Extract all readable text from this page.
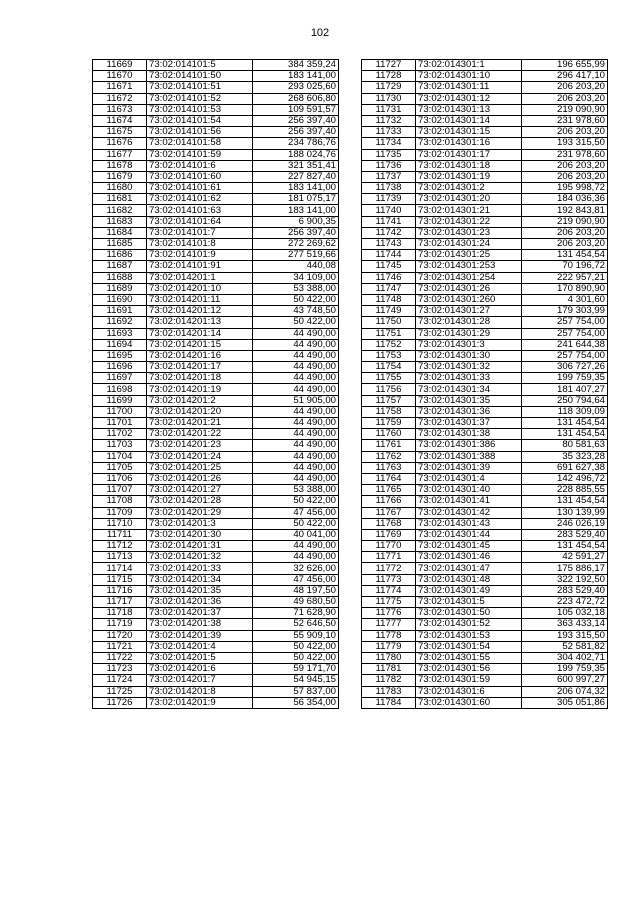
102
11669	73:02:014101:5	384 359,24
11670	73:02:014101:50	183 141,00
11671	73:02:014101:51	293 025,60
11672	73:02:014101:52	268 606,80
11673	73:02:014101:53	109 591,57
11674	73:02:014101:54	256 397,40
11675	73:02:014101:56	256 397,40
11676	73:02:014101:58	234 786,76
11677	73:02:014101:59	188 024,76
11678	73:02:014101:6	321 351,41
11679	73:02:014101:60	227 827,40
11680	73:02:014101:61	183 141,00
11681	73:02:014101:62	181 075,17
11682	73:02:014101:63	183 141,00
11683	73:02:014101:64	6 900,35
11684	73:02:014101:7	256 397,40
11685	73:02:014101:8	272 269,62
11686	73:02:014101:9	277 519,66
11687	73:02:014101:91	440,08
11688	73:02:014201:1	34 109,00
11689	73:02:014201:10	53 388,00
11690	73:02:014201:11	50 422,00
11691	73:02:014201:12	43 748,50
11692	73:02:014201:13	50 422,00
11693	73:02:014201:14	44 490,00
11694	73:02:014201:15	44 490,00
11695	73:02:014201:16	44 490,00
11696	73:02:014201:17	44 490,00
11697	73:02:014201:18	44 490,00
11698	73:02:014201:19	44 490,00
11699	73:02:014201:2	51 905,00
11700	73:02:014201:20	44 490,00
11701	73:02:014201:21	44 490,00
11702	73:02:014201:22	44 490,00
11703	73:02:014201:23	44 490,00
11704	73:02:014201:24	44 490,00
11705	73:02:014201:25	44 490,00
11706	73:02:014201:26	44 490,00
11707	73:02:014201:27	53 388,00
11708	73:02:014201:28	50 422,00
11709	73:02:014201:29	47 456,00
11710	73:02:014201:3	50 422,00
11711	73:02:014201:30	40 041,00
11712	73:02:014201:31	44 490,00
11713	73:02:014201:32	44 490,00
11714	73:02:014201:33	32 626,00
11715	73:02:014201:34	47 456,00
11716	73:02:014201:35	48 197,50
11717	73:02:014201:36	49 680,50
11718	73:02:014201:37	71 628,90
11719	73:02:014201:38	52 646,50
11720	73:02:014201:39	55 909,10
11721	73:02:014201:4	50 422,00
11722	73:02:014201:5	50 422,00
11723	73:02:014201:6	59 171,70
11724	73:02:014201:7	54 945,15
11725	73:02:014201:8	57 837,00
11726	73:02:014201:9	56 354,00
11727	73:02:014301:1	196 655,99
11728	73:02:014301:10	296 417,10
11729	73:02:014301:11	206 203,20
11730	73:02:014301:12	206 203,20
11731	73:02:014301:13	219 090,90
11732	73:02:014301:14	231 978,60
11733	73:02:014301:15	206 203,20
11734	73:02:014301:16	193 315,50
11735	73:02:014301:17	231 978,60
11736	73:02:014301:18	206 203,20
11737	73:02:014301:19	206 203,20
11738	73:02:014301:2	195 998,72
11739	73:02:014301:20	184 036,36
11740	73:02:014301:21	192 843,81
11741	73:02:014301:22	219 090,90
11742	73:02:014301:23	206 203,20
11743	73:02:014301:24	206 203,20
11744	73:02:014301:25	131 454,54
11745	73:02:014301:253	70 196,72
11746	73:02:014301:254	222 957,21
11747	73:02:014301:26	170 890,90
11748	73:02:014301:260	4 301,60
11749	73:02:014301:27	179 303,99
11750	73:02:014301:28	257 754,00
11751	73:02:014301:29	257 754,00
11752	73:02:014301:3	241 644,38
11753	73:02:014301:30	257 754,00
11754	73:02:014301:32	306 727,26
11755	73:02:014301:33	199 759,35
11756	73:02:014301:34	181 407,27
11757	73:02:014301:35	250 794,64
11758	73:02:014301:36	118 309,09
11759	73:02:014301:37	131 454,54
11760	73:02:014301:38	131 454,54
11761	73:02:014301:386	80 581,63
11762	73:02:014301:388	35 323,28
11763	73:02:014301:39	691 627,38
11764	73:02:014301:4	142 496,72
11765	73:02:014301:40	228 885,55
11766	73:02:014301:41	131 454,54
11767	73:02:014301:42	130 139,99
11768	73:02:014301:43	246 026,19
11769	73:02:014301:44	283 529,40
11770	73:02:014301:45	131 454,54
11771	73:02:014301:46	42 591,27
11772	73:02:014301:47	175 886,17
11773	73:02:014301:48	322 192,50
11774	73:02:014301:49	283 529,40
11775	73:02:014301:5	223 472,72
11776	73:02:014301:50	105 032,18
11777	73:02:014301:52	363 433,14
11778	73:02:014301:53	193 315,50
11779	73:02:014301:54	52 581,82
11780	73:02:014301:55	304 402,71
11781	73:02:014301:56	199 759,35
11782	73:02:014301:59	600 997,27
11783	73:02:014301:6	206 074,32
11784	73:02:014301:60	305 051,86
